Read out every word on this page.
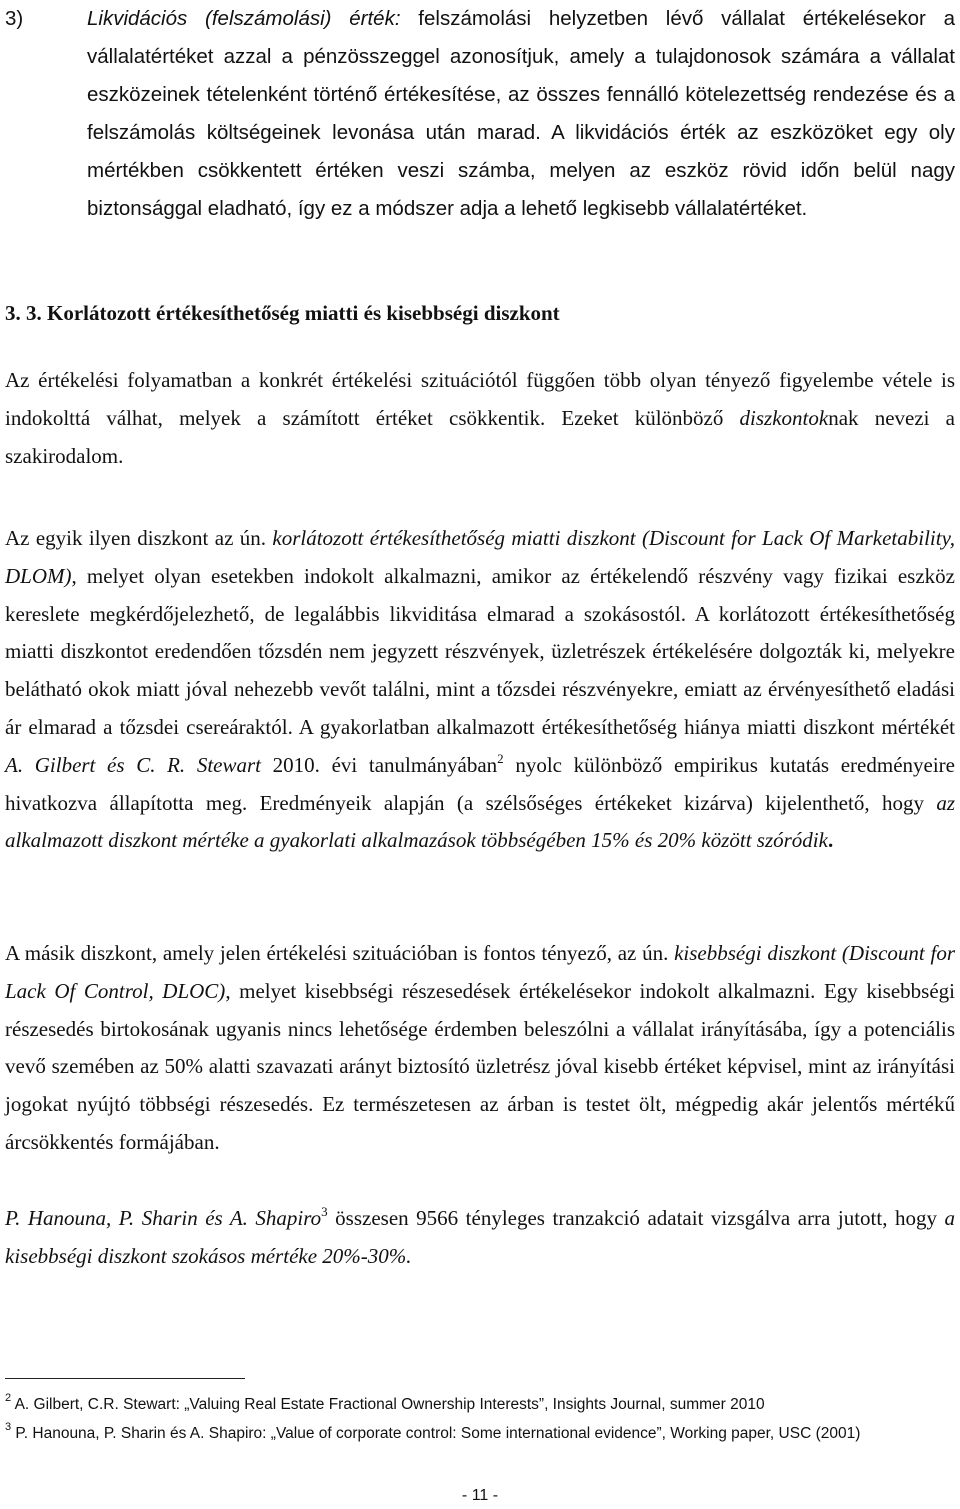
3)	Likvidációs (felszámolási) érték: felszámolási helyzetben lévő vállalat értékelésekor a vállalatértéket azzal a pénzösszeggel azonosítjuk, amely a tulajdonosok számára a vállalat eszközeinek tételenként történő értékesítése, az összes fennálló kötelezettség rendezése és a felszámolás költségeinek levonása után marad. A likvidációs érték az eszközöket egy oly mértékben csökkentett értéken veszi számba, melyen az eszköz rövid időn belül nagy biztonsággal eladható, így ez a módszer adja a lehető legkisebb vállalatértéket.
3. 3. Korlátozott értékesíthetőség miatti és kisebbségi diszkont
Az értékelési folyamatban a konkrét értékelési szituációtól függően több olyan tényező figyelembe vétele is indokolttá válhat, melyek a számított értéket csökkentik. Ezeket különböző diszkontoknak nevezi a szakirodalom.
Az egyik ilyen diszkont az ún. korlátozott értékesíthetőség miatti diszkont (Discount for Lack Of Marketability, DLOM), melyet olyan esetekben indokolt alkalmazni, amikor az értékelendő részvény vagy fizikai eszköz kereslete megkérdőjelezhető, de legalábbis likviditása elmarad a szokásostól. A korlátozott értékesíthetőség miatti diszkontot eredendően tőzsdén nem jegyzett részvények, üzletrészek értékelésére dolgozták ki, melyekre belátható okok miatt jóval nehezebb vevőt találni, mint a tőzsdei részvényekre, emiatt az érvényesíthető eladási ár elmarad a tőzsdei csereáraktól. A gyakorlatban alkalmazott értékesíthetőség hiánya miatti diszkont mértékét A. Gilbert és C. R. Stewart 2010. évi tanulmányában$^2$ nyolc különböző empirikus kutatás eredményeire hivatkozva állapította meg. Eredményeik alapján (a szélsőséges értékeket kizárva) kijelenthető, hogy az alkalmazott diszkont mértéke a gyakorlati alkalmazások többségében 15% és 20% között szóródik.
A másik diszkont, amely jelen értékelési szituációban is fontos tényező, az ún. kisebbségi diszkont (Discount for Lack Of Control, DLOC), melyet kisebbségi részesedések értékelésekor indokolt alkalmazni. Egy kisebbségi részesedés birtokosának ugyanis nincs lehetősége érdemben beleszólni a vállalat irányításába, így a potenciális vevő szemében az 50% alatti szavazati arányt biztosító üzletrész jóval kisebb értéket képvisel, mint az irányítási jogokat nyújtó többségi részesedés. Ez természetesen az árban is testet ölt, mégpedig akár jelentős mértékű árcsökkentés formájában.
P. Hanouna, P. Sharin és A. Shapiro$^3$ összesen 9566 tényleges tranzakció adatait vizsgálva arra jutott, hogy a kisebbségi diszkont szokásos mértéke 20%-30%.
$^2$ A. Gilbert, C.R. Stewart: „Valuing Real Estate Fractional Ownership Interests”, Insights Journal, summer 2010
$^3$ P. Hanouna, P. Sharin és A. Shapiro: „Value of corporate control: Some international evidence”, Working paper, USC (2001)
- 11 -
